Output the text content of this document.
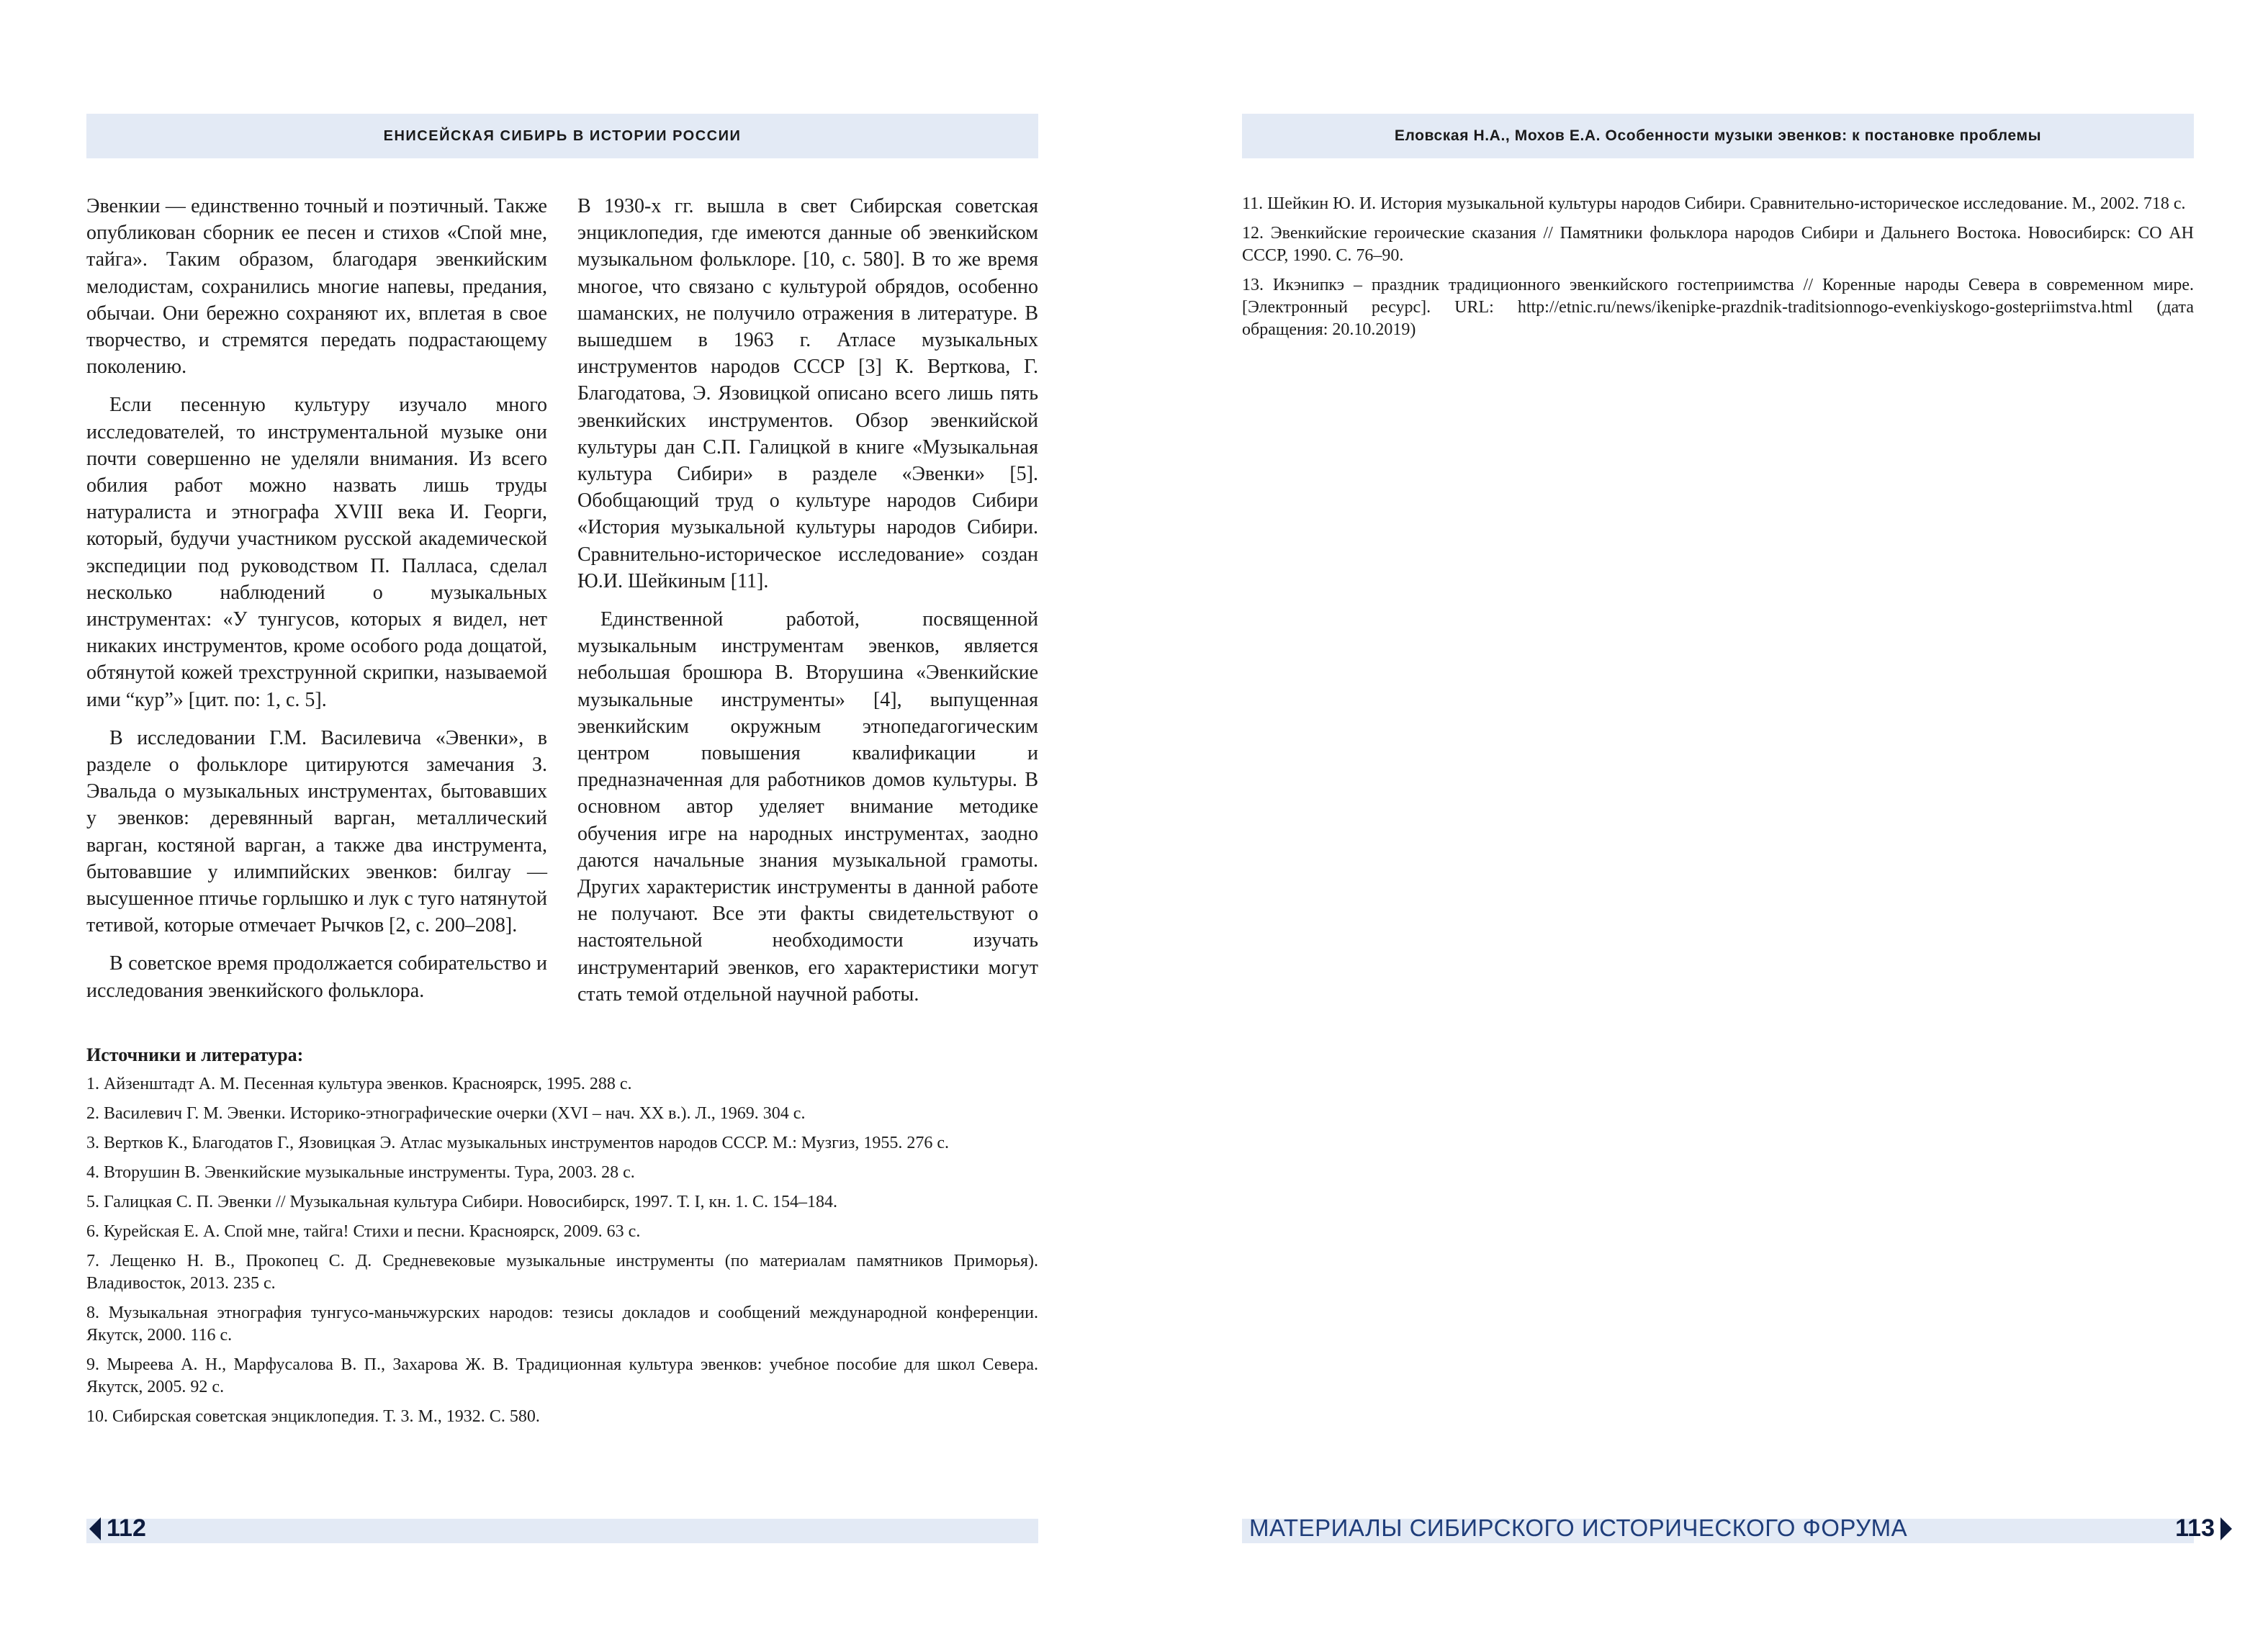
ЕНИСЕЙСКАЯ СИБИРЬ В ИСТОРИИ РОССИИ

Эвенкии — единственно точный и поэтичный. Также опубликован сборник ее песен и стихов «Спой мне, тайга». Таким образом, благодаря эвенкийским мелодистам, сохранились многие напевы, предания, обычаи. Они бережно сохраняют их, вплетая в свое творчество, и стремятся передать подрастающему поколению.

Если песенную культуру изучало много исследователей, то инструментальной музыке они почти совершенно не уделяли внимания. Из всего обилия работ можно назвать лишь труды натуралиста и этнографа XVIII века И. Георги, который, будучи участником русской академической экспедиции под руководством П. Палласа, сделал несколько наблюдений о музыкальных инструментах: «У тунгусов, которых я видел, нет никаких инструментов, кроме особого рода дощатой, обтянутой кожей трехструнной скрипки, называемой ими “кур”» [цит. по: 1, с. 5].

В исследовании Г.М. Василевича «Эвенки», в разделе о фольклоре цитируются замечания З. Эвальда о музыкальных инструментах, бытовавших у эвенков: деревянный варган, металлический варган, костяной варган, а также два инструмента, бытовавшие у илимпийских эвенков: билгау — высушенное птичье горлышко и лук с туго натянутой тетивой, которые отмечает Рычков [2, с. 200–208].

В советское время продолжается собирательство и исследования эвенкийского фольклора.

В 1930-х гг. вышла в свет Сибирская советская энциклопедия, где имеются данные об эвенкийском музыкальном фольклоре. [10, с. 580]. В то же время многое, что связано с культурой обрядов, особенно шаманских, не получило отражения в литературе. В вышедшем в 1963 г. Атласе музыкальных инструментов народов СССР [3] К. Верткова, Г. Благодатова, Э. Язовицкой описано всего лишь пять эвенкийских инструментов. Обзор эвенкийской культуры дан С.П. Галицкой в книге «Музыкальная культура Сибири» в разделе «Эвенки» [5]. Обобщающий труд о культуре народов Сибири «История музыкальной культуры народов Сибири. Сравнительно-историческое исследование» создан Ю.И. Шейкиным [11].

Единственной работой, посвященной музыкальным инструментам эвенков, является небольшая брошюра В. Вторушина «Эвенкийские музыкальные инструменты» [4], выпущенная эвенкийским окружным этнопедагогическим центром повышения квалификации и предназначенная для работников домов культуры. В основном автор уделяет внимание методике обучения игре на народных инструментах, заодно даются начальные знания музыкальной грамоты. Других характеристик инструменты в данной работе не получают. Все эти факты свидетельствуют о настоятельной необходимости изучать инструментарий эвенков, его характеристики могут стать темой отдельной научной работы.

Источники и литература:
1. Айзенштадт А. М. Песенная культура эвенков. Красноярск, 1995. 288 с.
2. Василевич Г. М. Эвенки. Историко-этнографические очерки (XVI – нач. XX в.). Л., 1969. 304 с.
3. Вертков К., Благодатов Г., Язовицкая Э. Атлас музыкальных инструментов народов СССР. М.: Музгиз, 1955. 276 с.
4. Вторушин В. Эвенкийские музыкальные инструменты. Тура, 2003. 28 с.
5. Галицкая С. П. Эвенки // Музыкальная культура Сибири. Новосибирск, 1997. Т. I, кн. 1. С. 154–184.
6. Курейская Е. А. Спой мне, тайга! Стихи и песни. Красноярск, 2009. 63 с.
7. Лещенко Н. В., Прокопец С. Д. Средневековые музыкальные инструменты (по материалам памятников Приморья). Владивосток, 2013. 235 с.
8. Музыкальная этнография тунгусо-маньчжурских народов: тезисы докладов и сообщений международной конференции. Якутск, 2000. 116 с.
9. Мыреева А. Н., Марфусалова В. П., Захарова Ж. В. Традиционная культура эвенков: учебное пособие для школ Севера. Якутск, 2005. 92 с.
10. Сибирская советская энциклопедия. Т. 3. М., 1932. С. 580.
112
Еловская Н.А., Мохов Е.А. Особенности музыки эвенков: к постановке проблемы
11. Шейкин Ю. И. История музыкальной культуры народов Сибири. Сравнительно-историческое исследование. М., 2002. 718 с.
12. Эвенкийские героические сказания // Памятники фольклора народов Сибири и Дальнего Востока. Новосибирск: СО АН СССР, 1990. С. 76–90.
13. Икэнипкэ – праздник традиционного эвенкийского гостеприимства // Коренные народы Севера в современном мире. [Электронный ресурс]. URL: http://etnic.ru/news/ikenipke-prazdnik-traditsionnogo-evenkiyskogo-gostepriimstva.html (дата обращения: 20.10.2019)
МАТЕРИАЛЫ СИБИРСКОГО ИСТОРИЧЕСКОГО ФОРУМА	113
